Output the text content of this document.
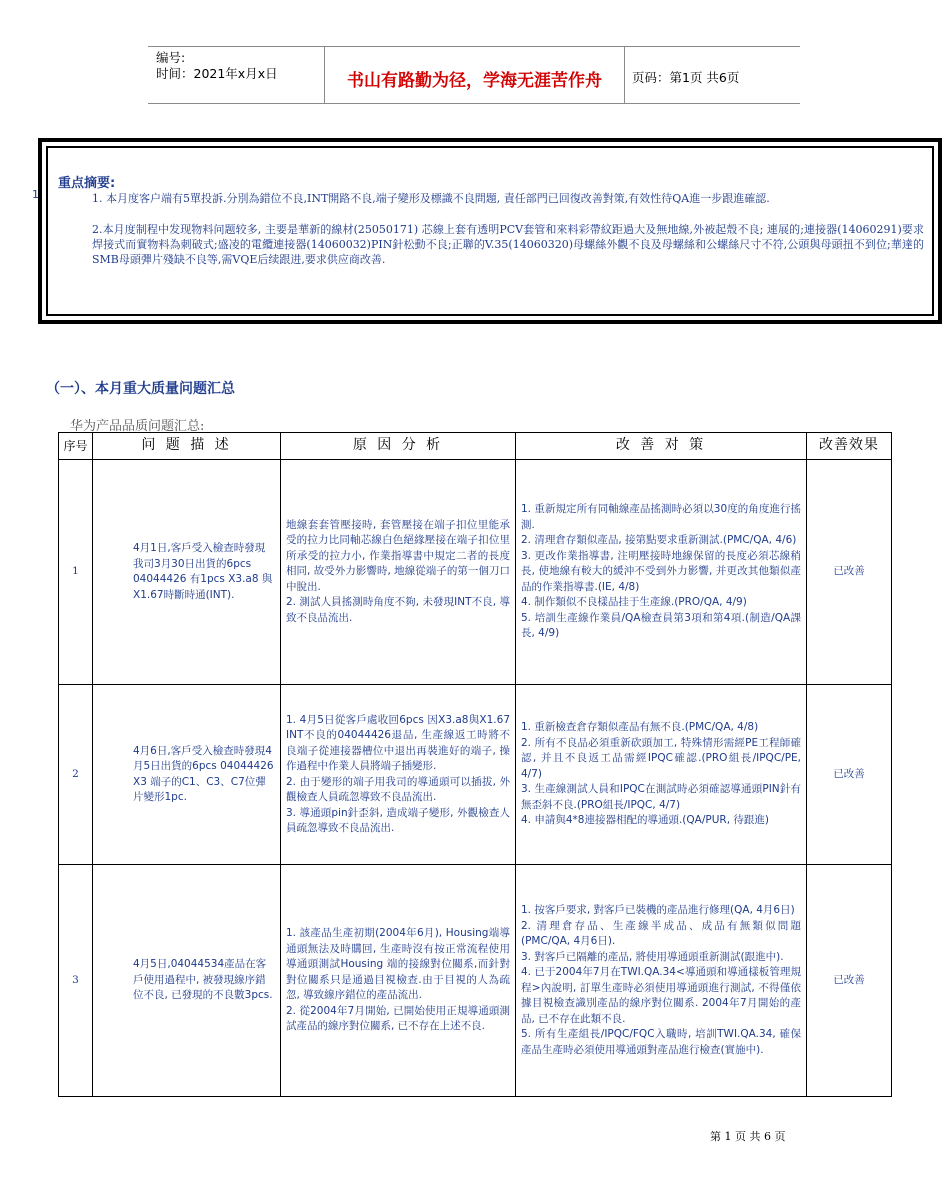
编号:
时间：2021年x月x日	书山有路勤为径，学海无涯苦作舟	页码：第1页 共6页
1
重点摘要:
1. 本月度客户端有5單投訴.分別為錯位不良,INT開路不良,端子變形及標識不良問題, 責任部門已回復改善對策,有效性待QA進一步跟進確認.
2.本月度制程中发现物料问题较多, 主要是華新的線材(25050171) 芯線上套有透明PCV套管和來料彩帶紋距過大及無地線,外被起殼不良; 連展的;連接器(14060291)要求焊接式而實物料為刺破式;盛凌的電纜連接器(14060032)PIN針松動不良;正聯的V.35(14060320)母螺絲外觀不良及母螺絲和公螺絲尺寸不符,公頭與母頭扭不到位;華達的SMB母頭彈片殘缺不良等,需VQE后续跟进,要求供应商改善.
（一）、本月重大质量问题汇总
华为产品品质问题汇总:
序号	问 题 描 述	原 因 分 析	改 善 对 策	改善效果
1	4月1日,客戶受入檢查時發現我司3月30日出貨的6pcs 04044426 有1pcs X3.a8 與 X1.67時斷時通(INT).	地線套套管壓接時, 套管壓接在端子扣位里能承受的拉力比同軸芯線白色絕緣壓接在端子扣位里所承受的拉力小, 作業指導書中規定二者的長度相同, 故受外力影響時, 地線從端子的第一個刀口中脫出.
2. 測試人員搖測時角度不夠, 未發現INT不良, 導致不良品流出.	1. 重新規定所有同軸線產品搖測時必須以30度的角度進行搖測.
2. 清理倉存類似產品, 接第點要求重新測試.(PMC/QA, 4/6)
3. 更改作業指導書, 注明壓接時地線保留的長度必須芯線稍長, 使地線有較大的緩沖不受到外力影響, 并更改其他類似產品的作業指導書.(IE, 4/8)
4. 制作類似不良樣品挂于生產線.(PRO/QA, 4/9)
5. 培訓生產線作業員/QA檢查員第3項和第4項.(制造/QA課長, 4/9)	已改善
2	4月6日,客戶受入檢查時發現4月5日出貨的6pcs 04044426 X3 端子的C1、C3、C7位彈片變形1pc.	1. 4月5日從客戶處收回6pcs 因X3.a8與X1.67 INT不良的04044426退品, 生產線返工時將不良端子從連接器槽位中退出再裝進好的端子, 操作過程中作業人員將端子插變形.
2. 由于變形的端子用我司的導通頭可以插拔, 外觀檢查人員疏忽導致不良品流出.
3. 導通頭pin針歪斜, 造成端子變形, 外觀檢查人員疏忽導致不良品流出.	1. 重新檢查倉存類似產品有無不良.(PMC/QA, 4/8)
2. 所有不良品必須重新砍頭加工, 特殊情形需經PE工程師確認, 并且不良返工品需經IPQC確認.(PRO組長/IPQC/PE, 4/7)
3. 生產線測試人員和IPQC在測試時必須確認導通頭PIN針有無歪斜不良.(PRO組長/IPQC, 4/7)
4. 申請與4*8連接器相配的導通頭.(QA/PUR, 待跟進)	已改善
3	4月5日,04044534產品在客戶使用過程中, 被發現線序錯位不良, 已發現的不良數3pcs.	1. 該產品生產初期(2004年6月), Housing端導通頭無法及時購回, 生產時沒有按正常流程使用導通頭測試Housing 端的接線對位關系,而針對對位關系只是通過目視檢查.由于目視的人為疏忽, 導致線序錯位的產品流出.
2. 從2004年7月開始, 已開始使用正規導通頭測試產品的線序對位關系, 已不存在上述不良.	1. 按客戶要求, 對客戶已裝機的產品進行修理(QA, 4月6日)
2. 清理倉存品、生產線半成品、成品有無類似問題(PMC/QA, 4月6日).
3. 對客戶已隔離的產品, 將使用導通頭重新測試(跟進中).
4. 已于2004年7月在TWI.QA.34<導通頭和導通樣板管理規程>內說明, 訂單生產時必須使用導通頭進行測試, 不得僅依據目視檢查識別產品的線序對位關系. 2004年7月開始的產品, 已不存在此類不良.
5. 所有生產組長/IPQC/FQC入職時, 培訓TWI.QA.34, 確保產品生產時必須使用導通頭對產品進行檢查(實施中).	已改善
第 1 页 共 6 页
